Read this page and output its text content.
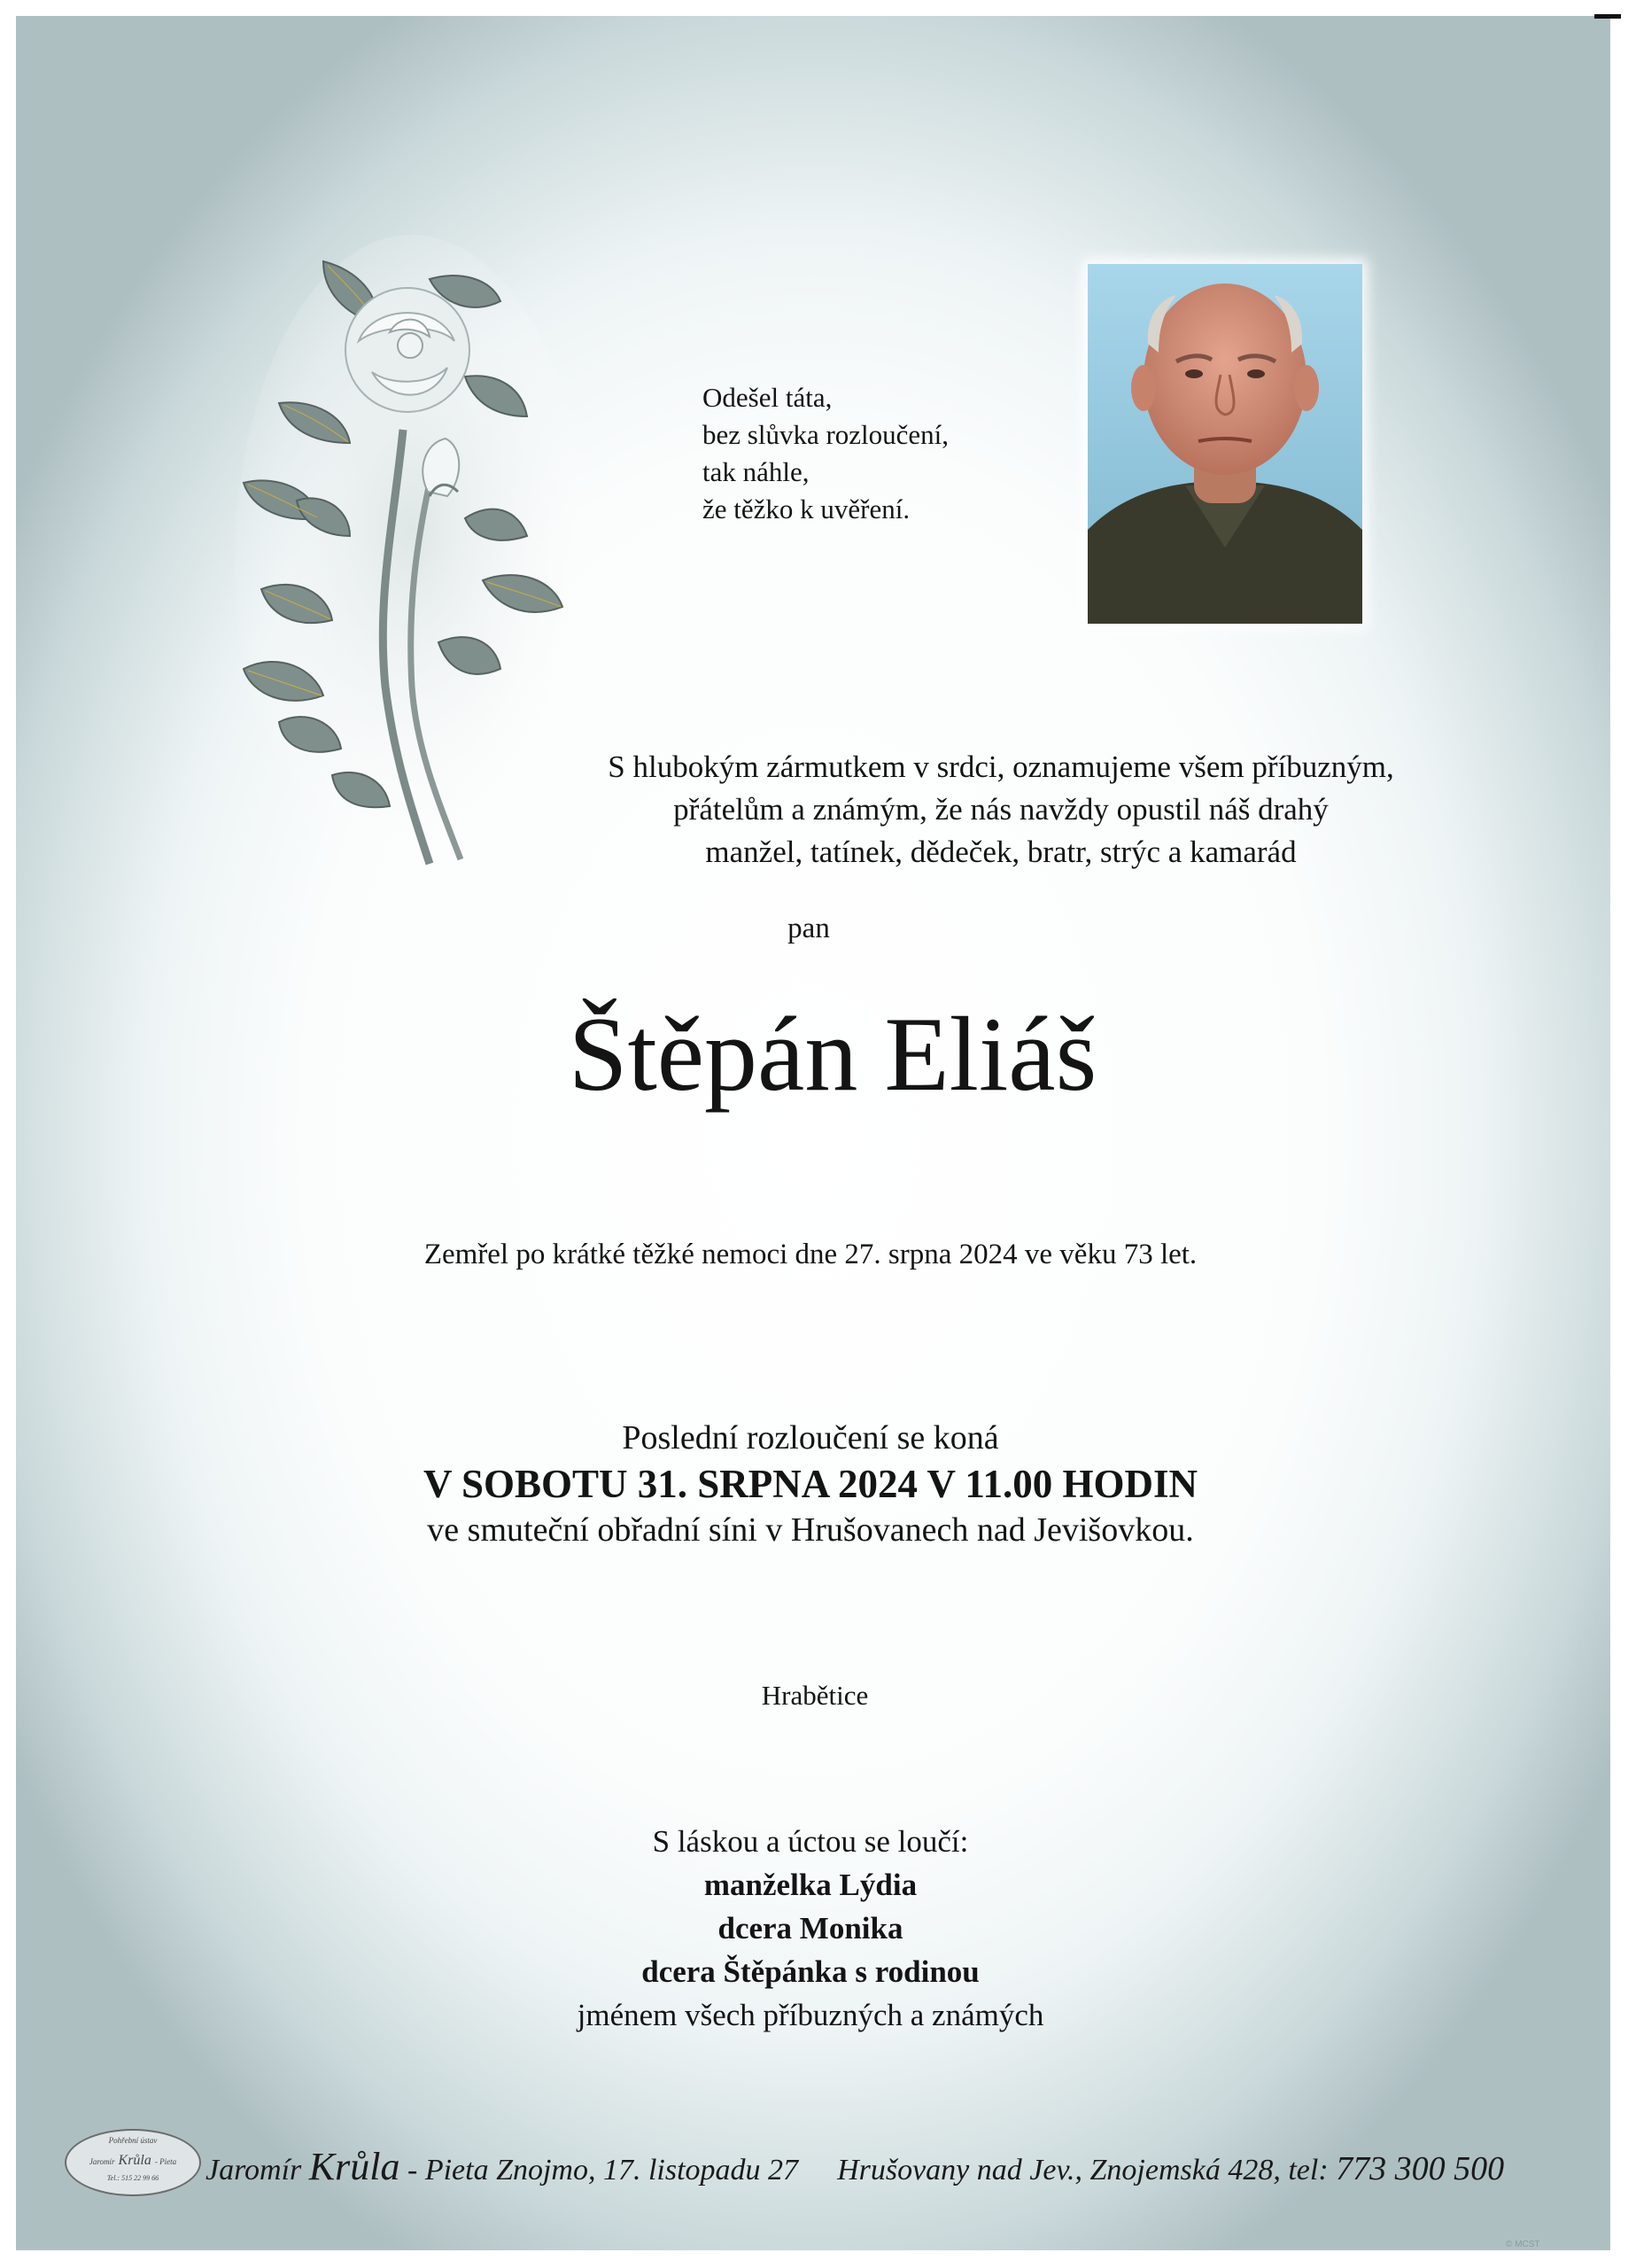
Odešel táta,
bez slůvka rozloučení,
tak náhle,
že těžko k uvěření.
S hlubokým zármutkem v srdci, oznamujeme všem příbuzným,
přátelům a známým, že nás navždy opustil náš drahý
manžel, tatínek, dědeček, bratr, strýc a kamarád
pan
Štěpán Eliáš
Zemřel po krátké těžké nemoci dne 27. srpna 2024 ve věku 73 let.
Poslední rozloučení se koná
V SOBOTU 31. SRPNA 2024 V 11.00 HODIN
ve smuteční obřadní síni v Hrušovanech nad Jevišovkou.
Hrabětice
S láskou a úctou se loučí:
manželka Lýdia
dcera Monika
dcera Štěpánka s rodinou
jménem všech příbuzných a známých
Pohřební ústav
Jaromír Krůla - Pieta
Tel.: 515 22 99 66	Jaromír Krůla - Pieta Znojmo, 17. listopadu 27 Hrušovany nad Jev., Znojemská 428, tel: 773 300 500
© MCST
